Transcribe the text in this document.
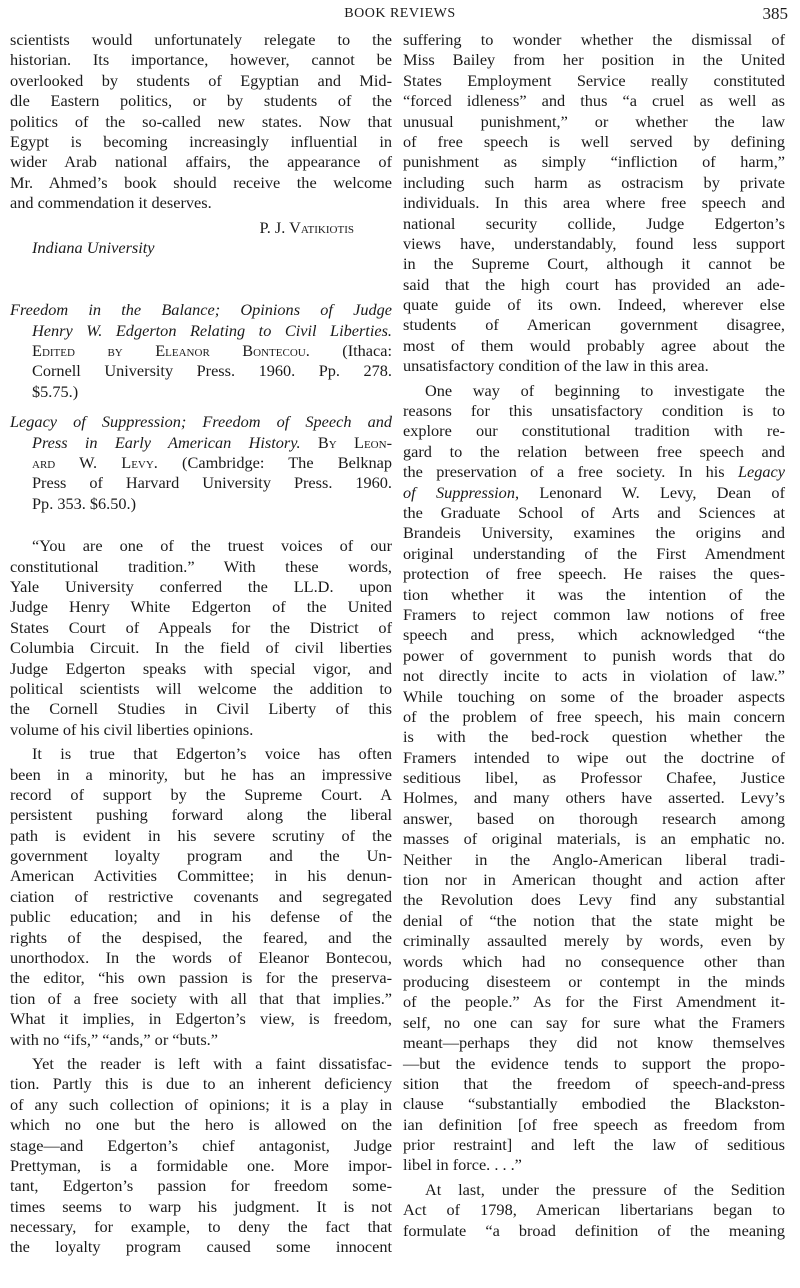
BOOK REVIEWS	385
scientists would unfortunately relegate to the
historian. Its importance, however, cannot be
overlooked by students of Egyptian and Mid-
dle Eastern politics, or by students of the
politics of the so-called new states. Now that
Egypt is becoming increasingly influential in
wider Arab national affairs, the appearance of
Mr. Ahmed’s book should receive the welcome
and commendation it deserves.
P. J. Vatikiotis
Indiana University
Freedom in the Balance; Opinions of Judge
Henry W. Edgerton Relating to Civil Liberties.
Edited by Eleanor Bontecou. (Ithaca:
Cornell University Press. 1960. Pp. 278.
$5.75.)
Legacy of Suppression; Freedom of Speech and
Press in Early American History. By Leon-
ard W. Levy. (Cambridge: The Belknap
Press of Harvard University Press. 1960.
Pp. 353. $6.50.)
“You are one of the truest voices of our
constitutional tradition.” With these words,
Yale University conferred the LL.D. upon
Judge Henry White Edgerton of the United
States Court of Appeals for the District of
Columbia Circuit. In the field of civil liberties
Judge Edgerton speaks with special vigor, and
political scientists will welcome the addition to
the Cornell Studies in Civil Liberty of this
volume of his civil liberties opinions.
It is true that Edgerton’s voice has often
been in a minority, but he has an impressive
record of support by the Supreme Court. A
persistent pushing forward along the liberal
path is evident in his severe scrutiny of the
government loyalty program and the Un-
American Activities Committee; in his denun-
ciation of restrictive covenants and segregated
public education; and in his defense of the
rights of the despised, the feared, and the
unorthodox. In the words of Eleanor Bontecou,
the editor, “his own passion is for the preserva-
tion of a free society with all that that implies.”
What it implies, in Edgerton’s view, is freedom,
with no “ifs,” “ands,” or “buts.”
Yet the reader is left with a faint dissatisfac-
tion. Partly this is due to an inherent deficiency
of any such collection of opinions; it is a play in
which no one but the hero is allowed on the
stage—and Edgerton’s chief antagonist, Judge
Prettyman, is a formidable one. More impor-
tant, Edgerton’s passion for freedom some-
times seems to warp his judgment. It is not
necessary, for example, to deny the fact that
the loyalty program caused some innocent
suffering to wonder whether the dismissal of
Miss Bailey from her position in the United
States Employment Service really constituted
“forced idleness” and thus “a cruel as well as
unusual punishment,” or whether the law
of free speech is well served by defining
punishment as simply “infliction of harm,”
including such harm as ostracism by private
individuals. In this area where free speech and
national security collide, Judge Edgerton’s
views have, understandably, found less support
in the Supreme Court, although it cannot be
said that the high court has provided an ade-
quate guide of its own. Indeed, wherever else
students of American government disagree,
most of them would probably agree about the
unsatisfactory condition of the law in this area.
One way of beginning to investigate the
reasons for this unsatisfactory condition is to
explore our constitutional tradition with re-
gard to the relation between free speech and
the preservation of a free society. In his Legacy
of Suppression, Lenonard W. Levy, Dean of
the Graduate School of Arts and Sciences at
Brandeis University, examines the origins and
original understanding of the First Amendment
protection of free speech. He raises the ques-
tion whether it was the intention of the
Framers to reject common law notions of free
speech and press, which acknowledged “the
power of government to punish words that do
not directly incite to acts in violation of law.”
While touching on some of the broader aspects
of the problem of free speech, his main concern
is with the bed-rock question whether the
Framers intended to wipe out the doctrine of
seditious libel, as Professor Chafee, Justice
Holmes, and many others have asserted. Levy’s
answer, based on thorough research among
masses of original materials, is an emphatic no.
Neither in the Anglo-American liberal tradi-
tion nor in American thought and action after
the Revolution does Levy find any substantial
denial of “the notion that the state might be
criminally assaulted merely by words, even by
words which had no consequence other than
producing disesteem or contempt in the minds
of the people.” As for the First Amendment it-
self, no one can say for sure what the Framers
meant—perhaps they did not know themselves
—but the evidence tends to support the propo-
sition that the freedom of speech-and-press
clause “substantially embodied the Blackston-
ian definition [of free speech as freedom from
prior restraint] and left the law of seditious
libel in force. . . .”
At last, under the pressure of the Sedition
Act of 1798, American libertarians began to
formulate “a broad definition of the meaning
